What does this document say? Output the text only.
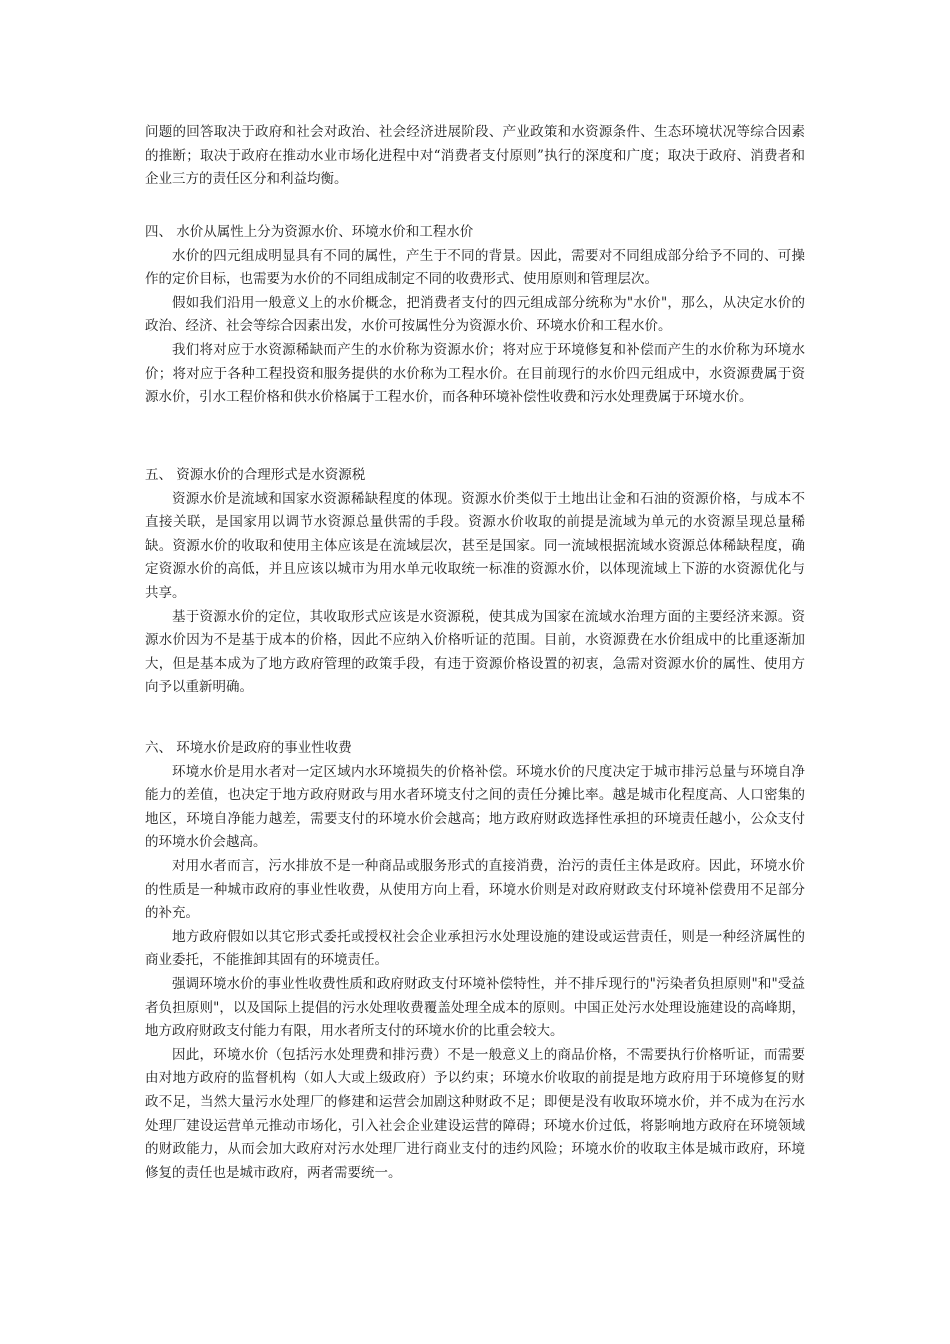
问题的回答取决于政府和社会对政治、社会经济进展阶段、产业政策和水资源条件、生态环境状况等综合因素的推断；取决于政府在推动水业市场化进程中对“消费者支付原则”执行的深度和广度；取决于政府、消费者和企业三方的责任区分和利益均衡。

四、 水价从属性上分为资源水价、环境水价和工程水价

水价的四元组成明显具有不同的属性，产生于不同的背景。因此，需要对不同组成部分给予不同的、可操作的定价目标，也需要为水价的不同组成制定不同的收费形式、使用原则和管理层次。

假如我们沿用一般意义上的水价概念，把消费者支付的四元组成部分统称为"水价"，那么，从决定水价的政治、经济、社会等综合因素出发，水价可按属性分为资源水价、环境水价和工程水价。

我们将对应于水资源稀缺而产生的水价称为资源水价；将对应于环境修复和补偿而产生的水价称为环境水价；将对应于各种工程投资和服务提供的水价称为工程水价。在目前现行的水价四元组成中，水资源费属于资源水价，引水工程价格和供水价格属于工程水价，而各种环境补偿性收费和污水处理费属于环境水价。

五、 资源水价的合理形式是水资源税

资源水价是流域和国家水资源稀缺程度的体现。资源水价类似于土地出让金和石油的资源价格，与成本不直接关联，是国家用以调节水资源总量供需的手段。资源水价收取的前提是流域为单元的水资源呈现总量稀缺。资源水价的收取和使用主体应该是在流域层次，甚至是国家。同一流域根据流域水资源总体稀缺程度，确定资源水价的高低，并且应该以城市为用水单元收取统一标准的资源水价，以体现流域上下游的水资源优化与共享。

基于资源水价的定位，其收取形式应该是水资源税，使其成为国家在流域水治理方面的主要经济来源。资源水价因为不是基于成本的价格，因此不应纳入价格听证的范围。目前，水资源费在水价组成中的比重逐渐加大，但是基本成为了地方政府管理的政策手段，有违于资源价格设置的初衷，急需对资源水价的属性、使用方向予以重新明确。

六、 环境水价是政府的事业性收费

环境水价是用水者对一定区域内水环境损失的价格补偿。环境水价的尺度决定于城市排污总量与环境自净能力的差值，也决定于地方政府财政与用水者环境支付之间的责任分摊比率。越是城市化程度高、人口密集的地区，环境自净能力越差，需要支付的环境水价会越高；地方政府财政选择性承担的环境责任越小，公众支付的环境水价会越高。

对用水者而言，污水排放不是一种商品或服务形式的直接消费，治污的责任主体是政府。因此，环境水价的性质是一种城市政府的事业性收费，从使用方向上看，环境水价则是对政府财政支付环境补偿费用不足部分的补充。

地方政府假如以其它形式委托或授权社会企业承担污水处理设施的建设或运营责任，则是一种经济属性的商业委托，不能推卸其固有的环境责任。

强调环境水价的事业性收费性质和政府财政支付环境补偿特性，并不排斥现行的"污染者负担原则"和"受益者负担原则"，以及国际上提倡的污水处理收费覆盖处理全成本的原则。中国正处污水处理设施建设的高峰期，地方政府财政支付能力有限，用水者所支付的环境水价的比重会较大。

因此，环境水价（包括污水处理费和排污费）不是一般意义上的商品价格，不需要执行价格听证，而需要由对地方政府的监督机构（如人大或上级政府）予以约束；环境水价收取的前提是地方政府用于环境修复的财政不足，当然大量污水处理厂的修建和运营会加剧这种财政不足；即便是没有收取环境水价，并不成为在污水处理厂建设运营单元推动市场化，引入社会企业建设运营的障碍；环境水价过低，将影响地方政府在环境领域的财政能力，从而会加大政府对污水处理厂进行商业支付的违约风险；环境水价的收取主体是城市政府，环境修复的责任也是城市政府，两者需要统一。
